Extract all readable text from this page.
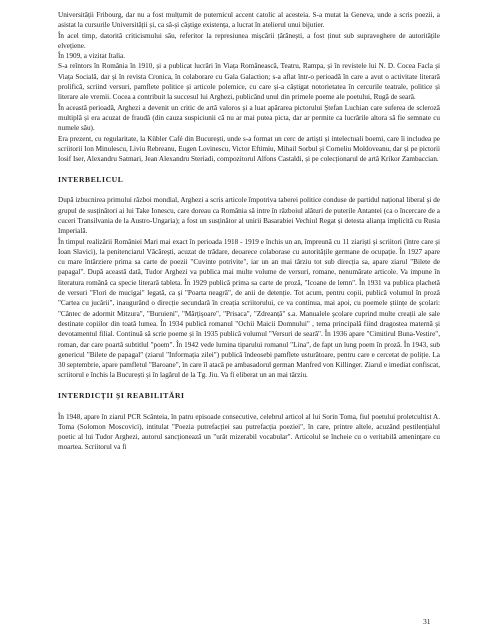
Universității Fribourg, dar nu a fost mulțumit de puternicul accent catolic al acesteia. S-a mutat la Geneva, unde a scris poezii, a asistat la cursurile Universității și, ca să-și câștige existența, a lucrat în atelierul unui bijutier.

În acel timp, datorită criticismului său, referitor la represiunea mișcării țărănești, a fost ținut sub supraveghere de autoritățile elvețiene.

În 1909, a vizitat Italia.

S-a reîntors în România în 1910, și a publicat lucrări în Viața Românească, Teatru, Rampa, și în revistele lui N. D. Cocea Facla și Viața Socială, dar și în revista Cronica, în colaborare cu Gala Galaction; s-a aflat într-o perioadă în care a avut o activitate literară prolifică, scriind versuri, pamflete politice și articole polemice, cu care și-a câștigat notorietatea în cercurile teatrale, politice și literare ale vremii. Cocea a contribuit la succesul lui Arghezi, publicând unul din primele poeme ale poetului, Rugă de seară.

În această perioadă, Arghezi a devenit un critic de artă valoros și a luat apărarea pictorului Ștefan Luchian care suferea de scleroză multiplă și era acuzat de fraudă (din cauza suspiciunii că nu ar mai putea picta, dar ar permite ca lucrările altora să fie semnate cu numele său).

Era prezent, cu regularitate, la Kübler Café din București, unde s-a format un cerc de artiști și intelectuali boemi, care îi includea pe scriitorii Ion Minulescu, Liviu Rebreanu, Eugen Lovinescu, Victor Eftimiu, Mihail Sorbul și Corneliu Moldoveanu, dar și pe pictorii Iosif Iser, Alexandru Satmari, Jean Alexandru Steriadi, compozitorul Alfons Castaldi, și pe colecționarul de artă Krikor Zambaccian.

INTERBELICUL

După izbucnirea primului război mondial, Arghezi a scris articole împotriva taberei politice conduse de partidul național liberal și de grupul de susținători ai lui Take Ionescu, care doreau ca România să intre în războiul alături de puterile Antantei (ca o încercare de a cuceri Transilvania de la Austro-Ungaria); a fost un susținător al unirii Basarabiei Vechiul Regat și detesta alianța implicită cu Rusia Imperială.

În timpul realizării României Mari mai exact în perioada 1918 - 1919 e închis un an, împreună cu 11 ziariști și scriitori (între care și Ioan Slavici), la penitenciarul Văcărești, acuzat de trădare, deoarece colaborase cu autoritățile germane de ocupație. În 1927 apare cu mare întârziere prima sa carte de poezii "Cuvinte potrivite", iar un an mai târziu tot sub direcția sa, apare ziarul "Bilete de papagal". După această dată, Tudor Arghezi va publica mai multe volume de versuri, romane, nenumărate articole. Va impune în literatura română ca specie literară tableta. În 1929 publică prima sa carte de proză, "Icoane de lemn". În 1931 va publica plachetă de versuri "Flori de mucigai" legată, ca și "Poarta neagră", de anii de detenție. Tot acum, pentru copii, publică volumul în proză "Cartea cu jucării", inaugurând o direcție secundară în creația scriitorului, ce va continua, mai apoi, cu poemele științe de școlari: "Cântec de adormit Mitzura", "Buruieni", "Mărțișoare", "Prisaca", "Zdreanță" s.a. Manualele școlare cuprind multe creații ale sale destinate copiilor din toată lumea. În 1934 publică romanul "Ochii Maicii Domnului" , tema principală fiind dragostea maternă și devotamentul filial. Continuă să scrie poeme și în 1935 publică volumul "Versuri de seară". În 1936 apare "Cimitirul Buna-Vestire", roman, dar care poartă subtitlul "poem". În 1942 vede lumina tiparului romanul "Lina", de fapt un lung poem în proză. În 1943, sub genericul "Bilete de papagal" (ziarul "Informația zilei") publică îndeosebi pamflete usturătoare, pentru care e cercetat de poliție. La 30 septembrie, apare pamfletul "Baroane", în care îl atacă pe ambasadorul german Manfred von Killinger. Ziarul e imediat confiscat, scriitorul e închis la București și în lagărul de la Tg. Jiu. Va fi eliberat un an mai târziu.

INTERDICȚII ȘI REABILITĂRI

În 1948, apare în ziarul PCR Scânteia, în patru episoade consecutive, celebrul articol al lui Sorin Toma, fiul poetului proletcultist A. Toma (Solomon Moscovici), intitulat "Poezia putrefacției sau putrefacția poeziei", în care, printre altele, acuzând pestilențialul poetic al lui Tudor Arghezi, autorul sancționează un "urât mizerabil vocabular". Articolul se încheie cu o veritabilă amenințare cu moartea. Scriitorul va fi

31
